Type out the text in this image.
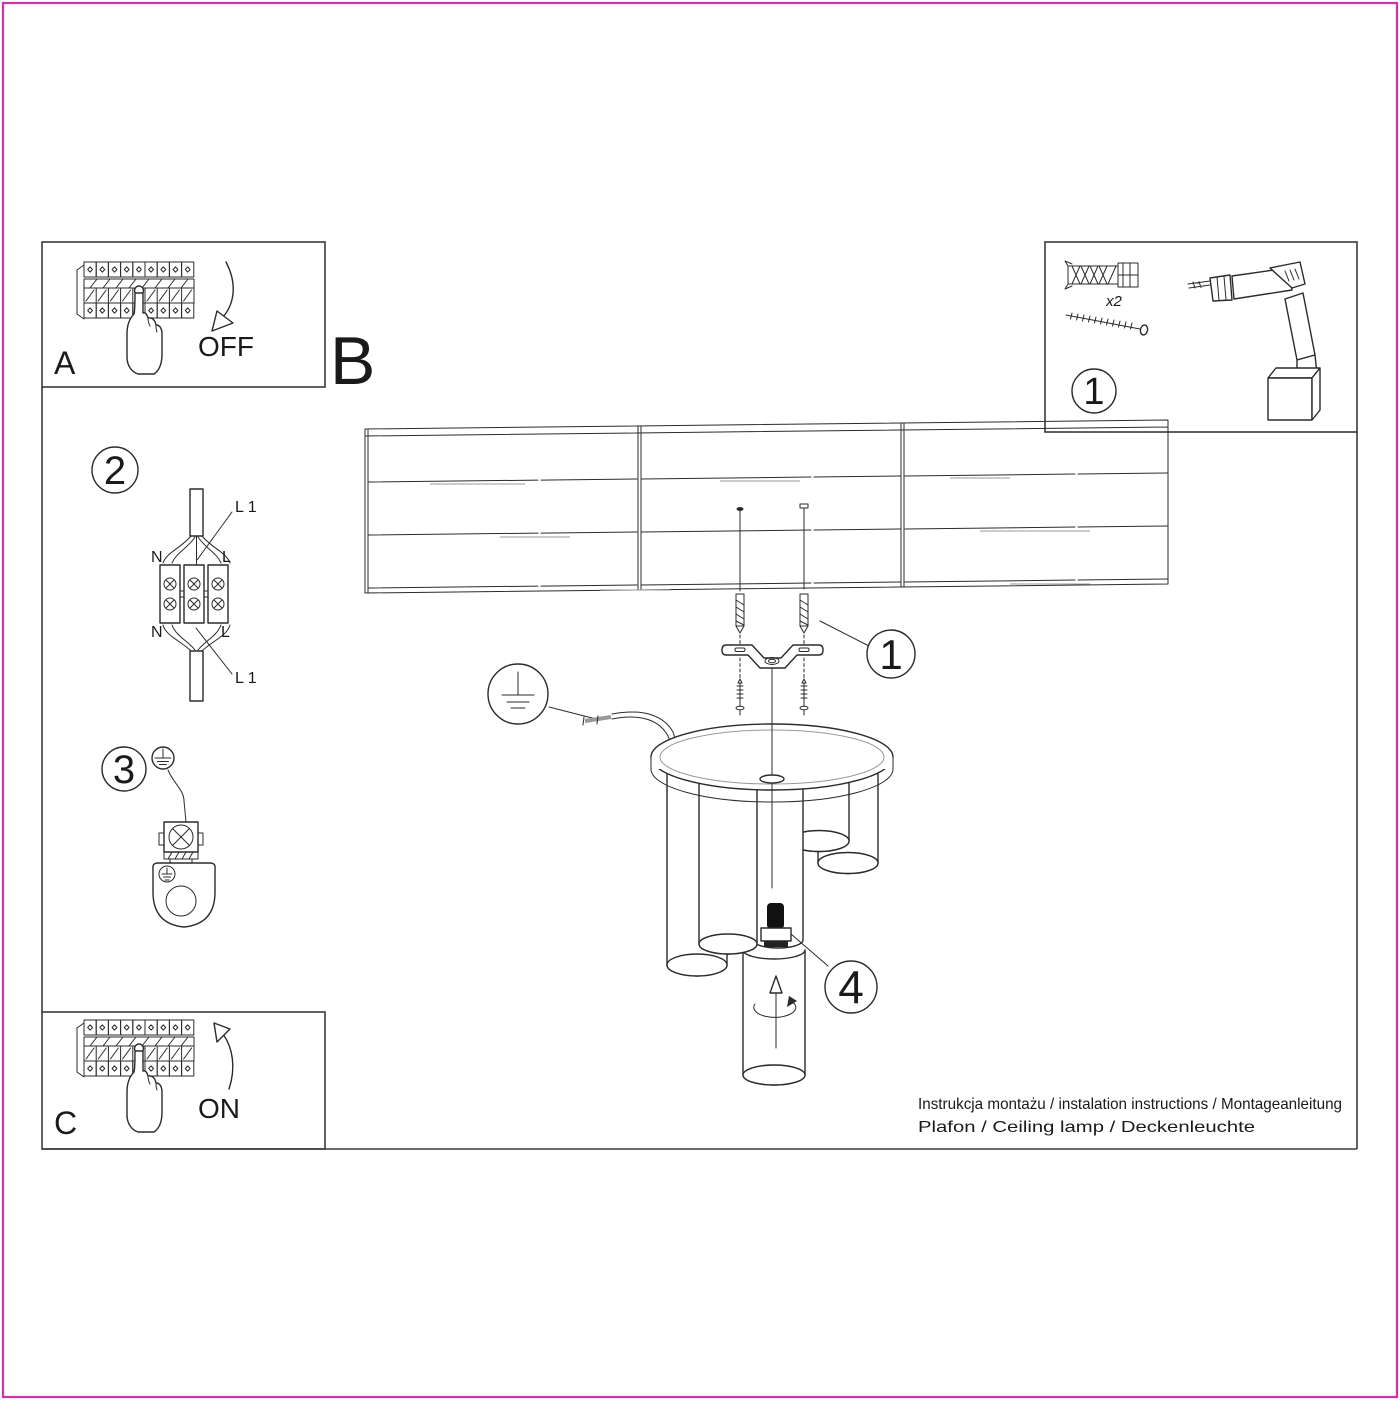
OFF
A	B
x2
1
2
N	L
N	L
L 1
L 1
3
ON
C
1
4
Instrukcja montażu / instalation instructions / Montageanleitung
Plafon / Ceiling lamp / Deckenleuchte
